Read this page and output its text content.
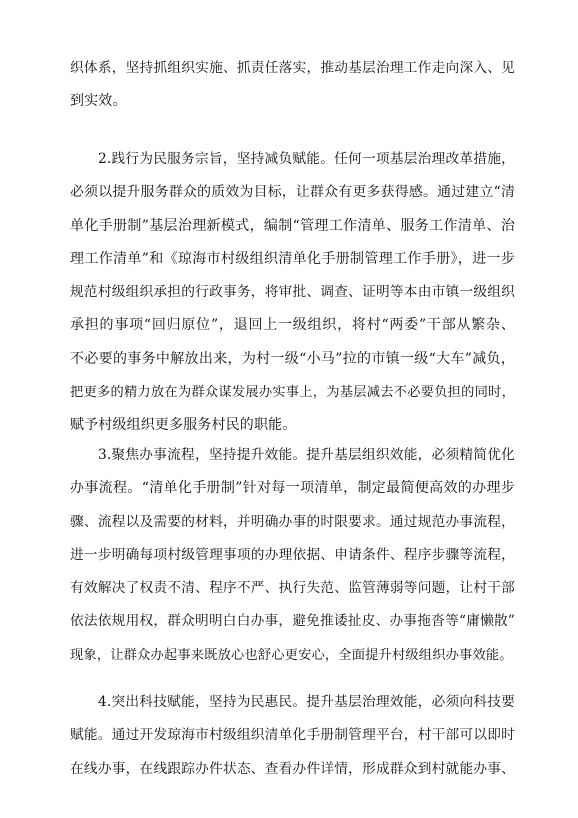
织体系，坚持抓组织实施、抓责任落实，推动基层治理工作走向深入、见
到实效。
2.践行为民服务宗旨，坚持减负赋能。任何一项基层治理改革措施，
必须以提升服务群众的质效为目标，让群众有更多获得感。通过建立“清
单化手册制”基层治理新模式，编制“管理工作清单、服务工作清单、治
理工作清单”和《琼海市村级组织清单化手册制管理工作手册》，进一步
规范村级组织承担的行政事务，将审批、调查、证明等本由市镇一级组织
承担的事项“回归原位”，退回上一级组织，将村“两委”干部从繁杂、
不必要的事务中解放出来，为村一级“小马”拉的市镇一级“大车”减负，
把更多的精力放在为群众谋发展办实事上，为基层减去不必要负担的同时，
赋予村级组织更多服务村民的职能。
3.聚焦办事流程，坚持提升效能。提升基层组织效能，必须精简优化
办事流程。“清单化手册制”针对每一项清单，制定最简便高效的办理步
骤、流程以及需要的材料，并明确办事的时限要求。通过规范办事流程，
进一步明确每项村级管理事项的办理依据、申请条件、程序步骤等流程，
有效解决了权责不清、程序不严、执行失范、监管薄弱等问题，让村干部
依法依规用权，群众明明白白办事，避免推诿扯皮、办事拖沓等“庸懒散”
现象，让群众办起事来既放心也舒心更安心，全面提升村级组织办事效能。
4.突出科技赋能，坚持为民惠民。提升基层治理效能，必须向科技要
赋能。通过开发琼海市村级组织清单化手册制管理平台，村干部可以即时
在线办事，在线跟踪办件状态、查看办件详情，形成群众到村就能办事、
